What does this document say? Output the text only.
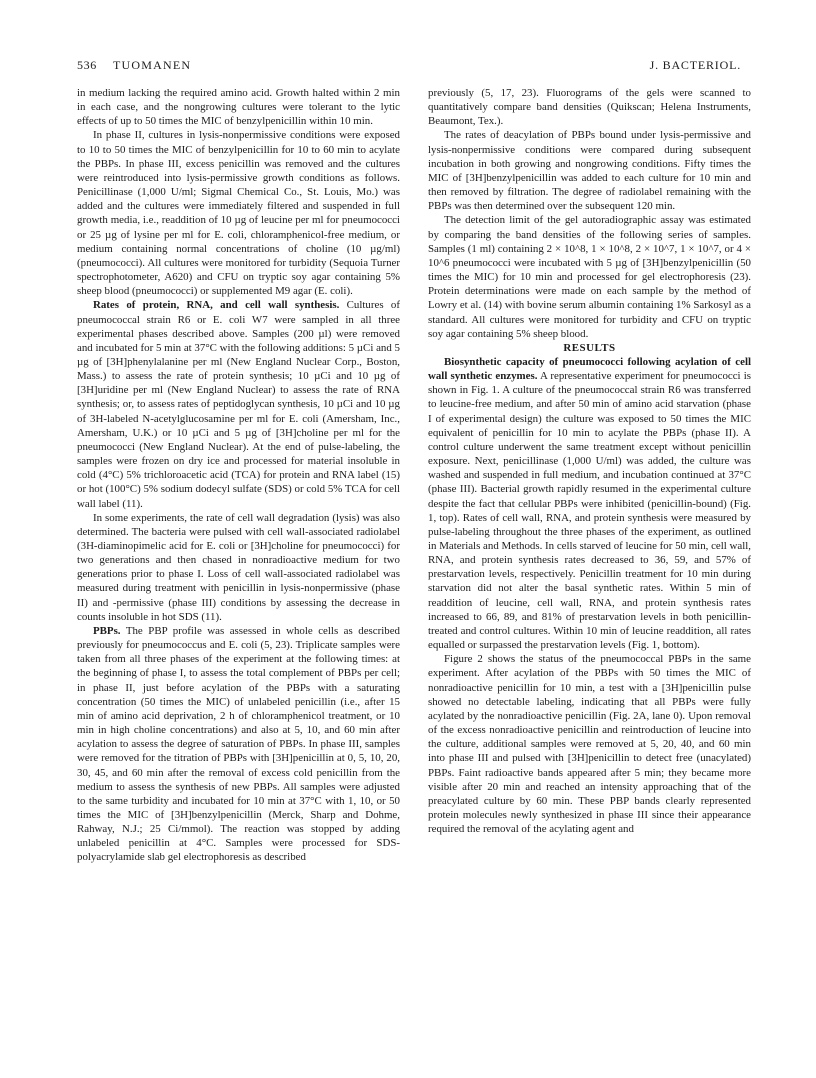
536 TUOMANEN	J. BACTERIOL.

in medium lacking the required amino acid. Growth halted within 2 min in each case, and the nongrowing cultures were tolerant to the lytic effects of up to 50 times the MIC of benzylpenicillin within 10 min.

In phase II, cultures in lysis-nonpermissive conditions were exposed to 10 to 50 times the MIC of benzylpenicillin for 10 to 60 min to acylate the PBPs. In phase III, excess penicillin was removed and the cultures were reintroduced into lysis-permissive growth conditions as follows. Penicillinase (1,000 U/ml; Sigmal Chemical Co., St. Louis, Mo.) was added and the cultures were immediately filtered and suspended in full growth media, i.e., readdition of 10 µg of leucine per ml for pneumococci or 25 µg of lysine per ml for E. coli, chloramphenicol-free medium, or medium containing normal concentrations of choline (10 µg/ml) (pneumococci). All cultures were monitored for turbidity (Sequoia Turner spectrophotometer, A620) and CFU on tryptic soy agar containing 5% sheep blood (pneumococci) or supplemented M9 agar (E. coli).

Rates of protein, RNA, and cell wall synthesis. Cultures of pneumococcal strain R6 or E. coli W7 were sampled in all three experimental phases described above. Samples (200 µl) were removed and incubated for 5 min at 37°C with the following additions: 5 µCi and 5 µg of [3H]phenylalanine per ml (New England Nuclear Corp., Boston, Mass.) to assess the rate of protein synthesis; 10 µCi and 10 µg of [3H]uridine per ml (New England Nuclear) to assess the rate of RNA synthesis; or, to assess rates of peptidoglycan synthesis, 10 µCi and 10 µg of 3H-labeled N-acetylglucosamine per ml for E. coli (Amersham, Inc., Amersham, U.K.) or 10 µCi and 5 µg of [3H]choline per ml for the pneumococci (New England Nuclear). At the end of pulse-labeling, the samples were frozen on dry ice and processed for material insoluble in cold (4°C) 5% trichloroacetic acid (TCA) for protein and RNA label (15) or hot (100°C) 5% sodium dodecyl sulfate (SDS) or cold 5% TCA for cell wall label (11).

In some experiments, the rate of cell wall degradation (lysis) was also determined. The bacteria were pulsed with cell wall-associated radiolabel (3H-diaminopimelic acid for E. coli or [3H]choline for pneumococci) for two generations and then chased in nonradioactive medium for two generations prior to phase I. Loss of cell wall-associated radiolabel was measured during treatment with penicillin in lysis-nonpermissive (phase II) and -permissive (phase III) conditions by assessing the decrease in counts insoluble in hot SDS (11).

PBPs. The PBP profile was assessed in whole cells as described previously for pneumococcus and E. coli (5, 23). Triplicate samples were taken from all three phases of the experiment at the following times: at the beginning of phase I, to assess the total complement of PBPs per cell; in phase II, just before acylation of the PBPs with a saturating concentration (50 times the MIC) of unlabeled penicillin (i.e., after 15 min of amino acid deprivation, 2 h of chloramphenicol treatment, or 10 min in high choline concentrations) and also at 5, 10, and 60 min after acylation to assess the degree of saturation of PBPs. In phase III, samples were removed for the titration of PBPs with [3H]penicillin at 0, 5, 10, 20, 30, 45, and 60 min after the removal of excess cold penicillin from the medium to assess the synthesis of new PBPs. All samples were adjusted to the same turbidity and incubated for 10 min at 37°C with 1, 10, or 50 times the MIC of [3H]benzylpenicillin (Merck, Sharp and Dohme, Rahway, N.J.; 25 Ci/mmol). The reaction was stopped by adding unlabeled penicillin at 4°C. Samples were processed for SDS-polyacrylamide slab gel electrophoresis as described

previously (5, 17, 23). Fluorograms of the gels were scanned to quantitatively compare band densities (Quikscan; Helena Instruments, Beaumont, Tex.).

The rates of deacylation of PBPs bound under lysis-permissive and lysis-nonpermissive conditions were compared during subsequent incubation in both growing and nongrowing conditions. Fifty times the MIC of [3H]benzylpenicillin was added to each culture for 10 min and then removed by filtration. The degree of radiolabel remaining with the PBPs was then determined over the subsequent 120 min.

The detection limit of the gel autoradiographic assay was estimated by comparing the band densities of the following series of samples. Samples (1 ml) containing 2 × 10^8, 1 × 10^8, 2 × 10^7, 1 × 10^7, or 4 × 10^6 pneumococci were incubated with 5 µg of [3H]benzylpenicillin (50 times the MIC) for 10 min and processed for gel electrophoresis (23). Protein determinations were made on each sample by the method of Lowry et al. (14) with bovine serum albumin containing 1% Sarkosyl as a standard. All cultures were monitored for turbidity and CFU on tryptic soy agar containing 5% sheep blood.

RESULTS

Biosynthetic capacity of pneumococci following acylation of cell wall synthetic enzymes. A representative experiment for pneumococci is shown in Fig. 1. A culture of the pneumococcal strain R6 was transferred to leucine-free medium, and after 50 min of amino acid starvation (phase I of experimental design) the culture was exposed to 50 times the MIC equivalent of penicillin for 10 min to acylate the PBPs (phase II). A control culture underwent the same treatment except without penicillin exposure. Next, penicillinase (1,000 U/ml) was added, the culture was washed and suspended in full medium, and incubation continued at 37°C (phase III). Bacterial growth rapidly resumed in the experimental culture despite the fact that cellular PBPs were inhibited (penicillin-bound) (Fig. 1, top). Rates of cell wall, RNA, and protein synthesis were measured by pulse-labeling throughout the three phases of the experiment, as outlined in Materials and Methods. In cells starved of leucine for 50 min, cell wall, RNA, and protein synthesis rates decreased to 36, 59, and 57% of prestarvation levels, respectively. Penicillin treatment for 10 min during starvation did not alter the basal synthetic rates. Within 5 min of readdition of leucine, cell wall, RNA, and protein synthesis rates increased to 66, 89, and 81% of prestarvation levels in both penicillin-treated and control cultures. Within 10 min of leucine readdition, all rates equalled or surpassed the prestarvation levels (Fig. 1, bottom).

Figure 2 shows the status of the pneumococcal PBPs in the same experiment. After acylation of the PBPs with 50 times the MIC of nonradioactive penicillin for 10 min, a test with a [3H]penicillin pulse showed no detectable labeling, indicating that all PBPs were fully acylated by the nonradioactive penicillin (Fig. 2A, lane 0). Upon removal of the excess nonradioactive penicillin and reintroduction of leucine into the culture, additional samples were removed at 5, 20, 40, and 60 min into phase III and pulsed with [3H]penicillin to detect free (unacylated) PBPs. Faint radioactive bands appeared after 5 min; they became more visible after 20 min and reached an intensity approaching that of the preacylated culture by 60 min. These PBP bands clearly represented protein molecules newly synthesized in phase III since their appearance required the removal of the acylating agent and
